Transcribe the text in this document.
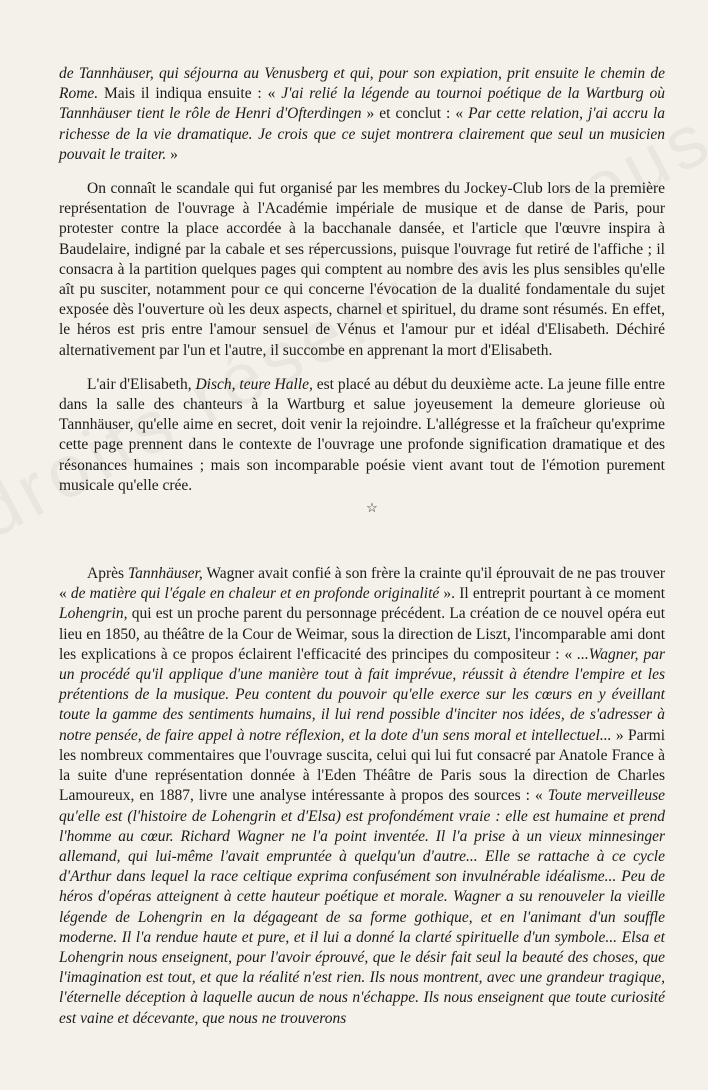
de Tannhäuser, qui séjourna au Venusberg et qui, pour son expiation, prit ensuite le chemin de Rome. Mais il indiqua ensuite : « J'ai relié la légende au tournoi poétique de la Wartburg où Tannhäuser tient le rôle de Henri d'Ofterdingen » et conclut : « Par cette relation, j'ai accru la richesse de la vie dramatique. Je crois que ce sujet montrera clairement que seul un musicien pouvait le traiter. »

On connaît le scandale qui fut organisé par les membres du Jockey-Club lors de la première représentation de l'ouvrage à l'Académie impériale de musique et de danse de Paris, pour protester contre la place accordée à la bacchanale dansée, et l'article que l'œuvre inspira à Baudelaire, indigné par la cabale et ses répercussions, puisque l'ouvrage fut retiré de l'affiche ; il consacra à la partition quelques pages qui comptent au nombre des avis les plus sensibles qu'elle aît pu susciter, notamment pour ce qui concerne l'évocation de la dualité fondamentale du sujet exposée dès l'ouverture où les deux aspects, charnel et spirituel, du drame sont résumés. En effet, le héros est pris entre l'amour sensuel de Vénus et l'amour pur et idéal d'Elisabeth. Déchiré alternativement par l'un et l'autre, il succombe en apprenant la mort d'Elisabeth.

L'air d'Elisabeth, Disch, teure Halle, est placé au début du deuxième acte. La jeune fille entre dans la salle des chanteurs à la Wartburg et salue joyeusement la demeure glorieuse où Tannhäuser, qu'elle aime en secret, doit venir la rejoindre. L'allégresse et la fraîcheur qu'exprime cette page prennent dans le contexte de l'ouvrage une profonde signification dramatique et des résonances humaines ; mais son incomparable poésie vient avant tout de l'émotion purement musicale qu'elle crée.

☆

Après Tannhäuser, Wagner avait confié à son frère la crainte qu'il éprouvait de ne pas trouver « de matière qui l'égale en chaleur et en profonde originalité ». Il entreprit pourtant à ce moment Lohengrin, qui est un proche parent du personnage précédent. La création de ce nouvel opéra eut lieu en 1850, au théâtre de la Cour de Weimar, sous la direction de Liszt, l'incomparable ami dont les explications à ce propos éclairent l'efficacité des principes du compositeur : « ...Wagner, par un procédé qu'il applique d'une manière tout à fait imprévue, réussit à étendre l'empire et les prétentions de la musique. Peu content du pouvoir qu'elle exerce sur les cœurs en y éveillant toute la gamme des sentiments humains, il lui rend possible d'inciter nos idées, de s'adresser à notre pensée, de faire appel à notre réflexion, et la dote d'un sens moral et intellectuel... » Parmi les nombreux commentaires que l'ouvrage suscita, celui qui lui fut consacré par Anatole France à la suite d'une représentation donnée à l'Eden Théâtre de Paris sous la direction de Charles Lamoureux, en 1887, livre une analyse intéressante à propos des sources : « Toute merveilleuse qu'elle est (l'histoire de Lohengrin et d'Elsa) est profondément vraie : elle est humaine et prend l'homme au cœur. Richard Wagner ne l'a point inventée. Il l'a prise à un vieux minnesinger allemand, qui lui-même l'avait empruntée à quelqu'un d'autre... Elle se rattache à ce cycle d'Arthur dans lequel la race celtique exprima confusément son invulnérable idéalisme... Peu de héros d'opéras atteignent à cette hauteur poétique et morale. Wagner a su renouveler la vieille légende de Lohengrin en la dégageant de sa forme gothique, et en l'animant d'un souffle moderne. Il l'a rendue haute et pure, et il lui a donné la clarté spirituelle d'un symbole... Elsa et Lohengrin nous enseignent, pour l'avoir éprouvé, que le désir fait seul la beauté des choses, que l'imagination est tout, et que la réalité n'est rien. Ils nous montrent, avec une grandeur tragique, l'éternelle déception à laquelle aucun de nous n'échappe. Ils nous enseignent que toute curiosité est vaine et décevante, que nous ne trouverons
